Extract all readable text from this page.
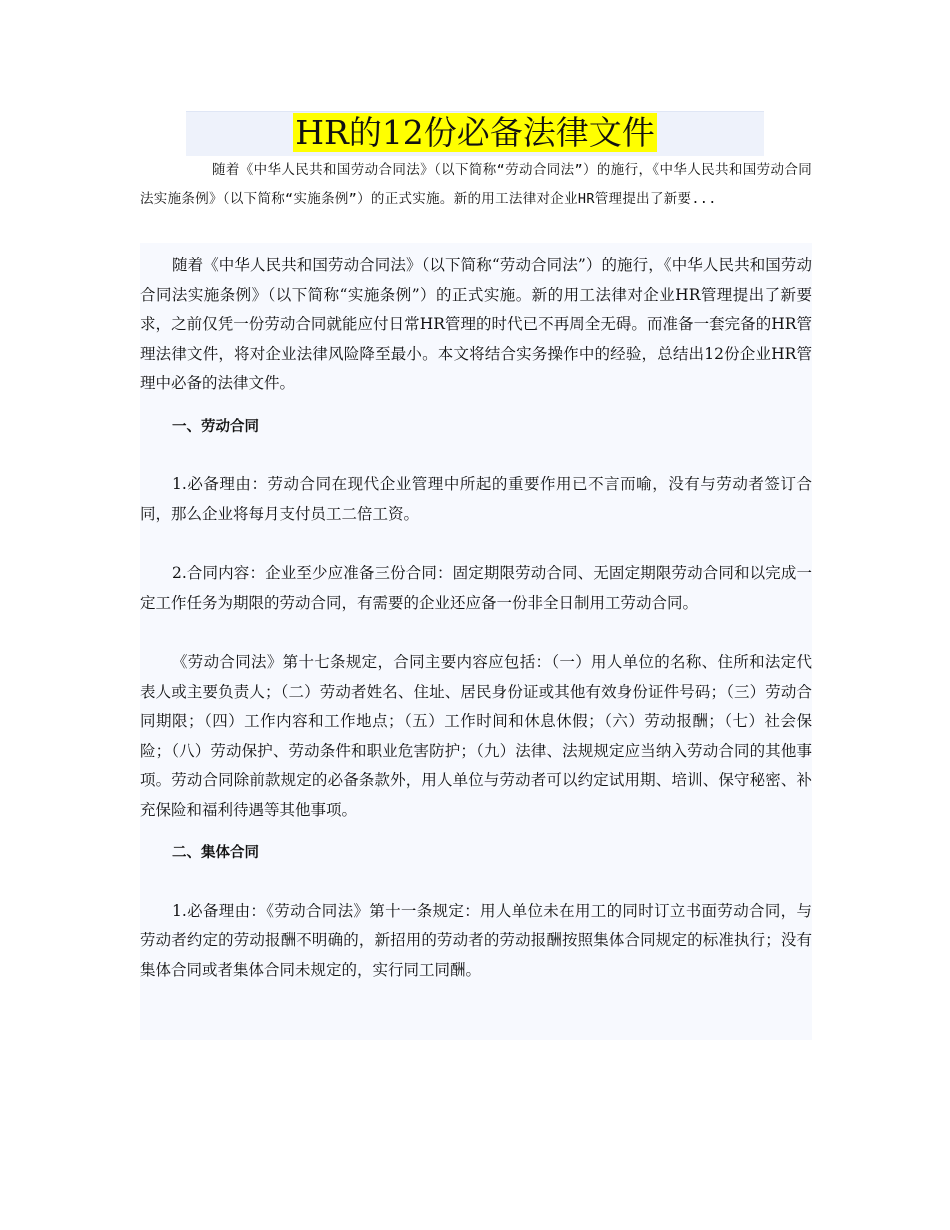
HR的12份必备法律文件

随着《中华人民共和国劳动合同法》（以下简称“劳动合同法”）的施行，《中华人民共和国劳动合同法实施条例》（以下简称“实施条例”）的正式实施。新的用工法律对企业HR管理提出了新要...

随着《中华人民共和国劳动合同法》（以下简称“劳动合同法”）的施行，《中华人民共和国劳动合同法实施条例》（以下简称“实施条例”）的正式实施。新的用工法律对企业HR管理提出了新要求，之前仅凭一份劳动合同就能应付日常HR管理的时代已不再周全无碍。而准备一套完备的HR管理法律文件，将对企业法律风险降至最小。本文将结合实务操作中的经验，总结出12份企业HR管理中必备的法律文件。

一、劳动合同

1.必备理由：劳动合同在现代企业管理中所起的重要作用已不言而喻，没有与劳动者签订合同，那么企业将每月支付员工二倍工资。

2.合同内容：企业至少应准备三份合同：固定期限劳动合同、无固定期限劳动合同和以完成一定工作任务为期限的劳动合同，有需要的企业还应备一份非全日制用工劳动合同。

《劳动合同法》第十七条规定，合同主要内容应包括：（一）用人单位的名称、住所和法定代表人或主要负责人；（二）劳动者姓名、住址、居民身份证或其他有效身份证件号码；（三）劳动合同期限；（四）工作内容和工作地点；（五）工作时间和休息休假；（六）劳动报酬；（七）社会保险；（八）劳动保护、劳动条件和职业危害防护；（九）法律、法规规定应当纳入劳动合同的其他事项。劳动合同除前款规定的必备条款外，用人单位与劳动者可以约定试用期、培训、保守秘密、补充保险和福利待遇等其他事项。

二、集体合同

1.必备理由：《劳动合同法》第十一条规定：用人单位未在用工的同时订立书面劳动合同，与劳动者约定的劳动报酬不明确的，新招用的劳动者的劳动报酬按照集体合同规定的标准执行；没有集体合同或者集体合同未规定的，实行同工同酬。
